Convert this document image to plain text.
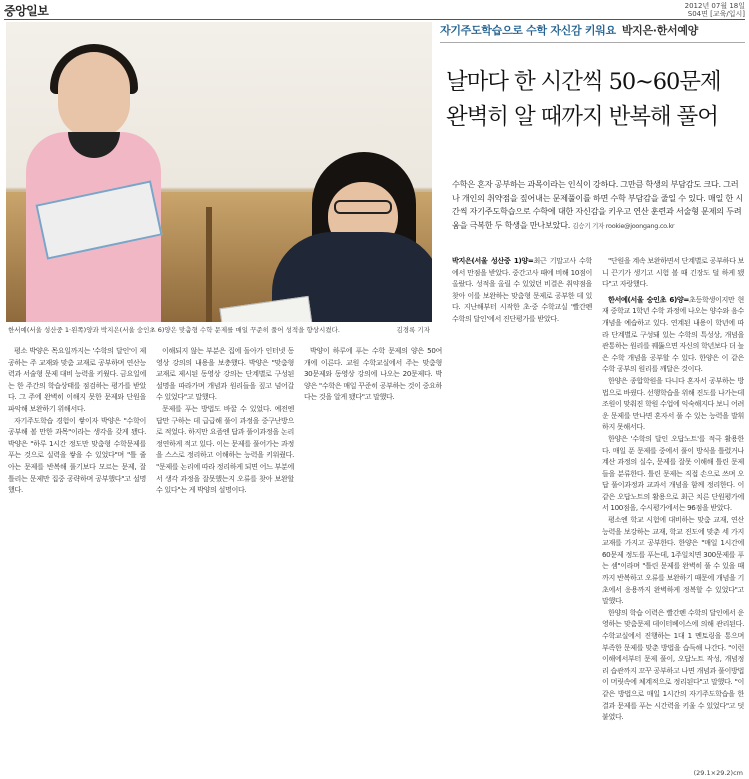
중앙일보	2012년 07월 18일
S04면 [교육/입시]
한서예(서울 성산중 1·왼쪽)양과 박지은(서울 숭인초 6)양은 맞춤형 수학 문제를 매일 꾸준히 풀어 성적을 향상시켰다.	김경록 기자
자기주도학습으로 수학 자신감 키워요 박지은·한서예양
날마다 한 시간씩 50~60문제
완벽히 알 때까지 반복해 풀어
수학은 혼자 공부하는 과목이라는 인식이 강하다. 그만큼 학생의 부담감도 크다. 그러나 개인의 취약점을 짚어내는 문제풀이를 하면 수학 부담감을 줄일 수 있다. 매일 한 시간씩 자기주도학습으로 수학에 대한 자신감을 키우고 연산 훈련과 서술형 문제의 두려움을 극복한 두 학생을 만나보았다. 김승기 기자 rookie@joongang.co.kr
박지은(서울 성산중 1)양=최근 기말고사 수학에서 만점을 받았다. 중간고사 때에 비해 10점이 올랐다. 성적을 올릴 수 있었던 비결은 취약점을 찾아 이를 보완하는 맞춤형 문제로 공부한 데 있다. 지난해부터 시작한 초·중 수학교실 '빨간펜 수학의 달인'에서 진단평가를 받았다.
"단원을 계속 보완하면서 단계별로 공부하다 보니 끈기가 생기고 시험 볼 때 긴장도 덜 하게 됐다"고 자랑했다.
한서예(서울 숭인초 6)양=초등학생이지만 현재 중학교 1학년 수학 과정에 나오는 양수와 음수 개념을 예습하고 있다. 연계된 내용이 학년에 따라 단계별로 구성돼 있는 수학의 특성상, 개념을 관통하는 원리를 꿰뚫으면 자신의 학년보다 더 높은 수학 개념을 공부할 수 있다. 한양은 이 같은 수학 공부의 원리를 깨달은 것이다.
한양은 종합학원을 다니다 혼자서 공부하는 방법으로 바꿨다. 선행학습을 위해 진도를 나가는데 조원이 맞춰진 학원 수업에 익숙해지다 보니 어려운 문제를 만나면 혼자서 풀 수 있는 능력을 발휘하지 못해서다.
한양은 '수학의 달인 오답노트'를 적극 활용한다. 매일 푼 문제를 중에서 풀이 방식을 틀렸거나 계산 과정의 실수, 문제를 잘못 이해해 틀린 문제들을 분류한다. 틀린 문제는 직접 손으로 쓰며 오답 풀이과정과 교과서 개념을 함께 정리한다. 이 같은 오답노트의 활용으로 최근 치른 단원평가에서 100점을, 수시평가에서는 96점을 받았다.
평소엔 학교 시험에 대비하는 맞춤 교재, 연산능력을 보강하는 교재, 학교 진도에 맞춘 세 가지 교재를 가지고 공부한다. 한양은 "매일 1시간에 60문제 정도를 푸는데, 1주일치면 300문제를 푸는 셈"이라며 "틀린 문제를 완벽히 풀 수 있을 때까지 반복하고 오류를 보완하기 때문에 개념을 기초에서 응용까지 완벽하게 정복할 수 있었다"고 말했다.
한양의 학습 이력은 빨간펜 수학의 달인에서 운영하는 맞춤문제 데이터베이스에 의해 관리된다. 수학교실에서 진행하는 1대 1 멘토링을 통으며 부족한 문제를 맞춘 방법을 습득해 나간다. "이런 이해에서부터 문제 풀이, 오답노트 작성, 개념정리 습관까지 꼬꾸 공부하고 나면 개념과 풀이방법이 머릿속에 체계적으로 정리된다"고 말했다. "이 같은 방법으로 매일 1시간의 자기주도학습을 한 결과 문제를 푸는 시간력을 키울 수 있었다"고 덧붙였다.
평소 박양은 목요일까지는 '수학의 달인'이 제공하는 주 교재와 맞춤 교재로 공부하며 연산능력과 서술형 문제 대비 능력을 키웠다. 금요일에는 한 주간의 학습상태를 점검하는 평가를 받았다. 그 주에 완벽히 이해지 못한 문제와 단원을 파악해 보완하기 위해서다.
자기주도학습 경험이 쌓이자 박양은 "수학이 공부해 볼 만한 과목"이라는 생각을 갖게 됐다. 박양은 "하루 1시간 정도만 맞춤형 수학문제를 푸는 것으로 실력을 쌓을 수 있었다"며 "틀 줄 아는 문제를 반복해 풀기보다 모르는 문제, 잘 틀리는 문제만 집중 공략하며 공부했다"고 설명했다.
이해되지 않는 부분은 집에 돌아가 인터넷 동영상 강의의 내용을 보충했다. 박양은 "맞춤형 교재로 제시된 동영상 강의는 단계별로 구성된 설명을 따라가며 개념과 원리들을 짚고 넘어갈 수 있었다"고 말했다.
문제를 푸는 방법도 바꿀 수 있었다. 예전엔 답만 구하는 데 급급해 풀이 과정을 중구난방으로 적었다. 하지만 요즘엔 답과 풀이과정을 논리정연하게 적고 있다. 이는 문제를 풀어가는 과정을 스스로 정리하고 이해하는 능력을 키워줬다. "문제를 논리에 따라 정리하게 되면 어느 부분에서 생각 과정을 잘못했는지 오류를 찾아 보완할 수 있다"는 게 박양의 설명이다.
박양이 하루에 푸는 수학 문제의 양은 50여 개에 이른다. 교원 수학교실에서 주는 맞춤형 30문제와 동영상 강의에 나오는 20문제다. 박양은 "수학은 매일 꾸준히 공부하는 것이 중요하다는 것을 알게 됐다"고 말했다.
(29.1×29.2)cm
